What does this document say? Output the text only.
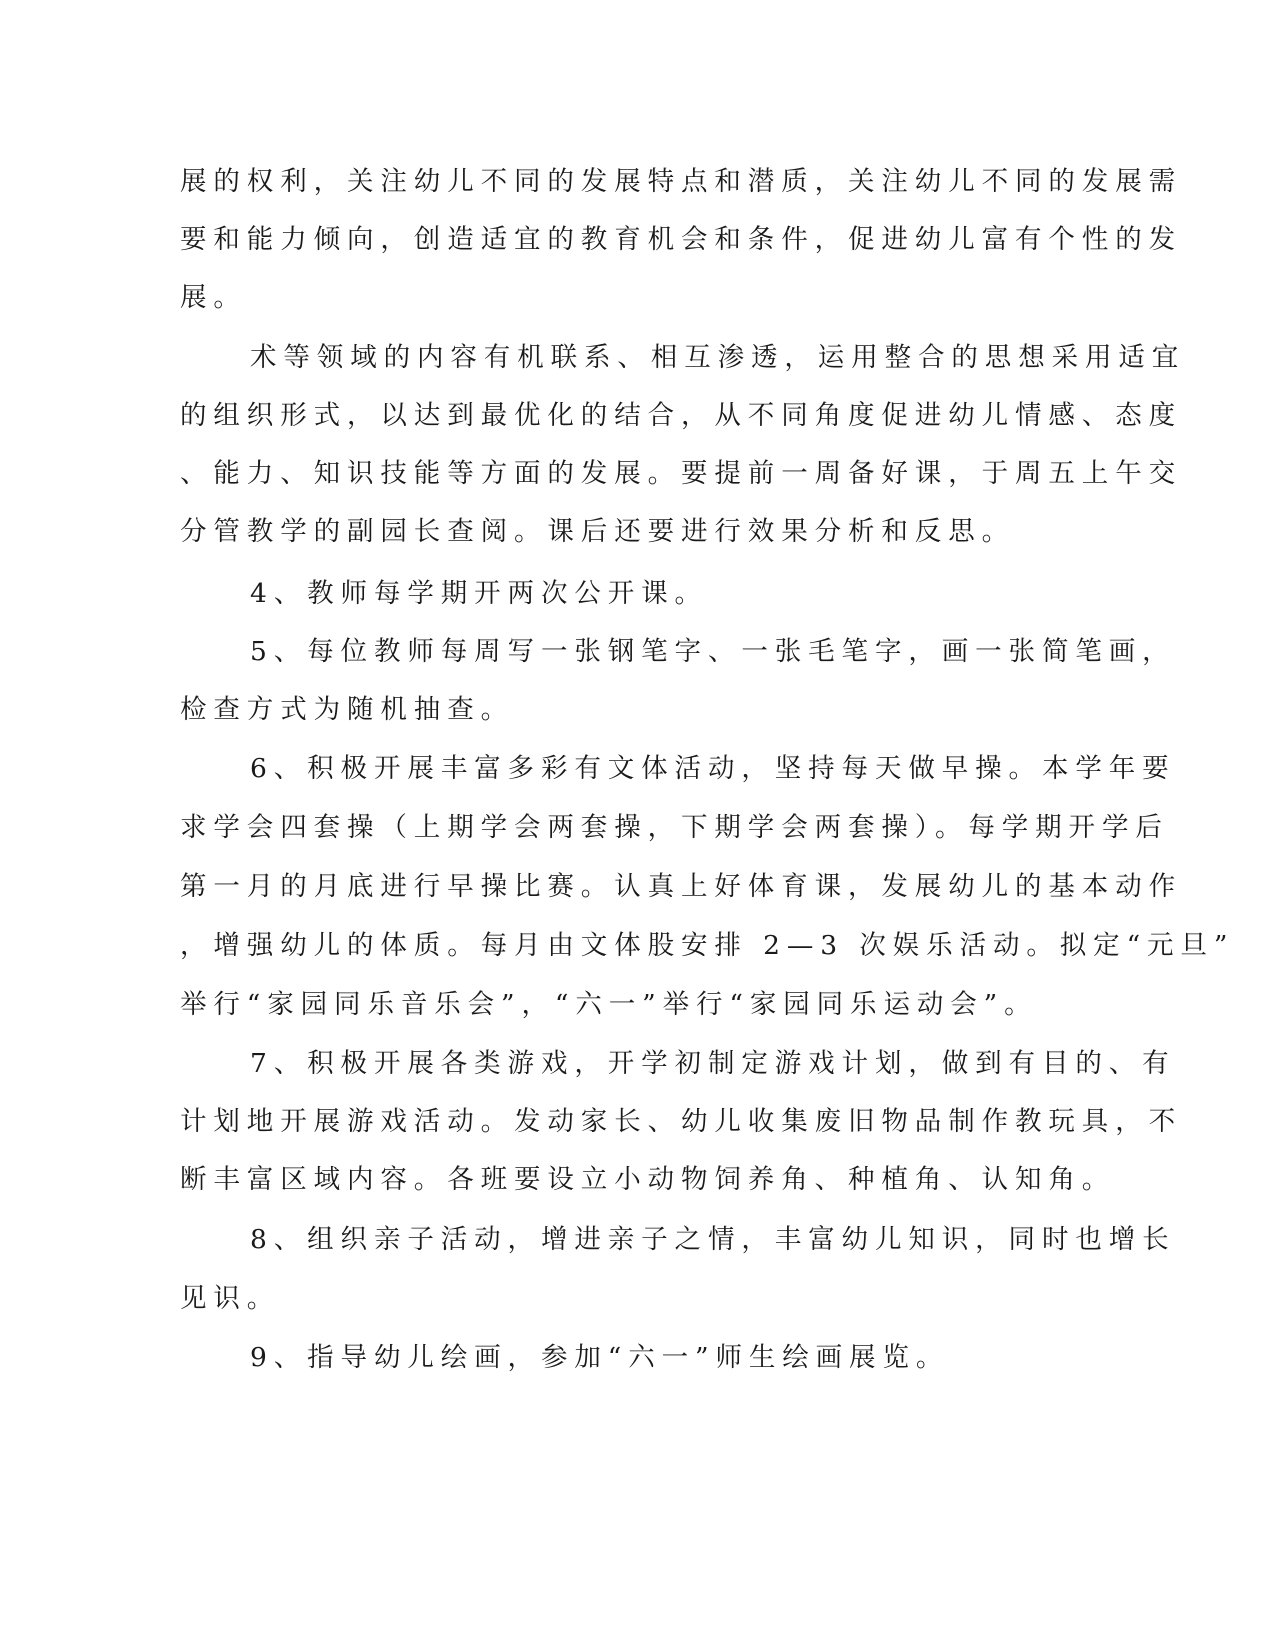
展的权利，关注幼儿不同的发展特点和潜质，关注幼儿不同的发展需
要和能力倾向，创造适宜的教育机会和条件，促进幼儿富有个性的发
展。
术等领域的内容有机联系、相互渗透，运用整合的思想采用适宜
的组织形式，以达到最优化的结合，从不同角度促进幼儿情感、态度
、能力、知识技能等方面的发展。要提前一周备好课，于周五上午交
分管教学的副园长查阅。课后还要进行效果分析和反思。
4、教师每学期开两次公开课。
5、每位教师每周写一张钢笔字、一张毛笔字，画一张简笔画，
检查方式为随机抽查。
6、积极开展丰富多彩有文体活动，坚持每天做早操。本学年要
求学会四套操（上期学会两套操，下期学会两套操）。每学期开学后
第一月的月底进行早操比赛。认真上好体育课，发展幼儿的基本动作
，增强幼儿的体质。每月由文体股安排 2—3 次娱乐活动。拟定“元旦”
举行“家园同乐音乐会”，“六一”举行“家园同乐运动会”。
7、积极开展各类游戏，开学初制定游戏计划，做到有目的、有
计划地开展游戏活动。发动家长、幼儿收集废旧物品制作教玩具，不
断丰富区域内容。各班要设立小动物饲养角、种植角、认知角。
8、组织亲子活动，增进亲子之情，丰富幼儿知识，同时也增长
见识。
9、指导幼儿绘画，参加“六一”师生绘画展览。
